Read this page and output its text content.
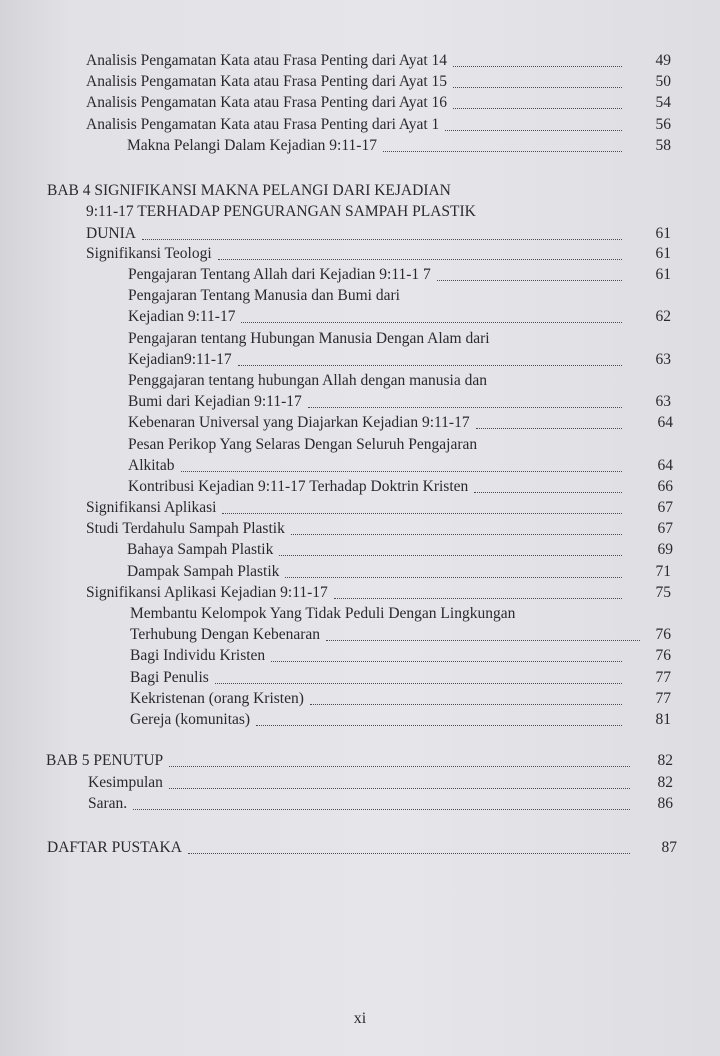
Analisis Pengamatan Kata atau Frasa Penting dari Ayat 14	49
Analisis Pengamatan Kata atau Frasa Penting dari Ayat 15	50
Analisis Pengamatan Kata atau Frasa Penting dari Ayat 16	54
Analisis Pengamatan Kata atau Frasa Penting dari Ayat 1	56
Makna Pelangi Dalam Kejadian 9:11-17	58
BAB 4 SIGNIFIKANSI MAKNA PELANGI DARI KEJADIAN
9:11-17 TERHADAP PENGURANGAN SAMPAH PLASTIK
DUNIA	61
Signifikansi Teologi	61
Pengajaran Tentang Allah dari Kejadian 9:11-1 7	61
Pengajaran Tentang Manusia dan Bumi dari
Kejadian 9:11-17	62
Pengajaran tentang Hubungan Manusia Dengan Alam dari
Kejadian9:11-17	63
Penggajaran tentang hubungan Allah dengan manusia dan
Bumi dari Kejadian 9:11-17	63
Kebenaran Universal yang Diajarkan Kejadian 9:11-17	64
Pesan Perikop Yang Selaras Dengan Seluruh Pengajaran
Alkitab	64
Kontribusi Kejadian 9:11-17 Terhadap Doktrin Kristen	66
Signifikansi Aplikasi	67
Studi Terdahulu Sampah Plastik	67
Bahaya Sampah Plastik	69
Dampak Sampah Plastik	71
Signifikansi Aplikasi Kejadian 9:11-17	75
Membantu Kelompok Yang Tidak Peduli Dengan Lingkungan
Terhubung Dengan Kebenaran	76
Bagi Individu Kristen	76
Bagi Penulis	77
Kekristenan (orang Kristen)	77
Gereja (komunitas)	81
BAB 5 PENUTUP	82
Kesimpulan	82
Saran.	86
DAFTAR PUSTAKA	87
xi
